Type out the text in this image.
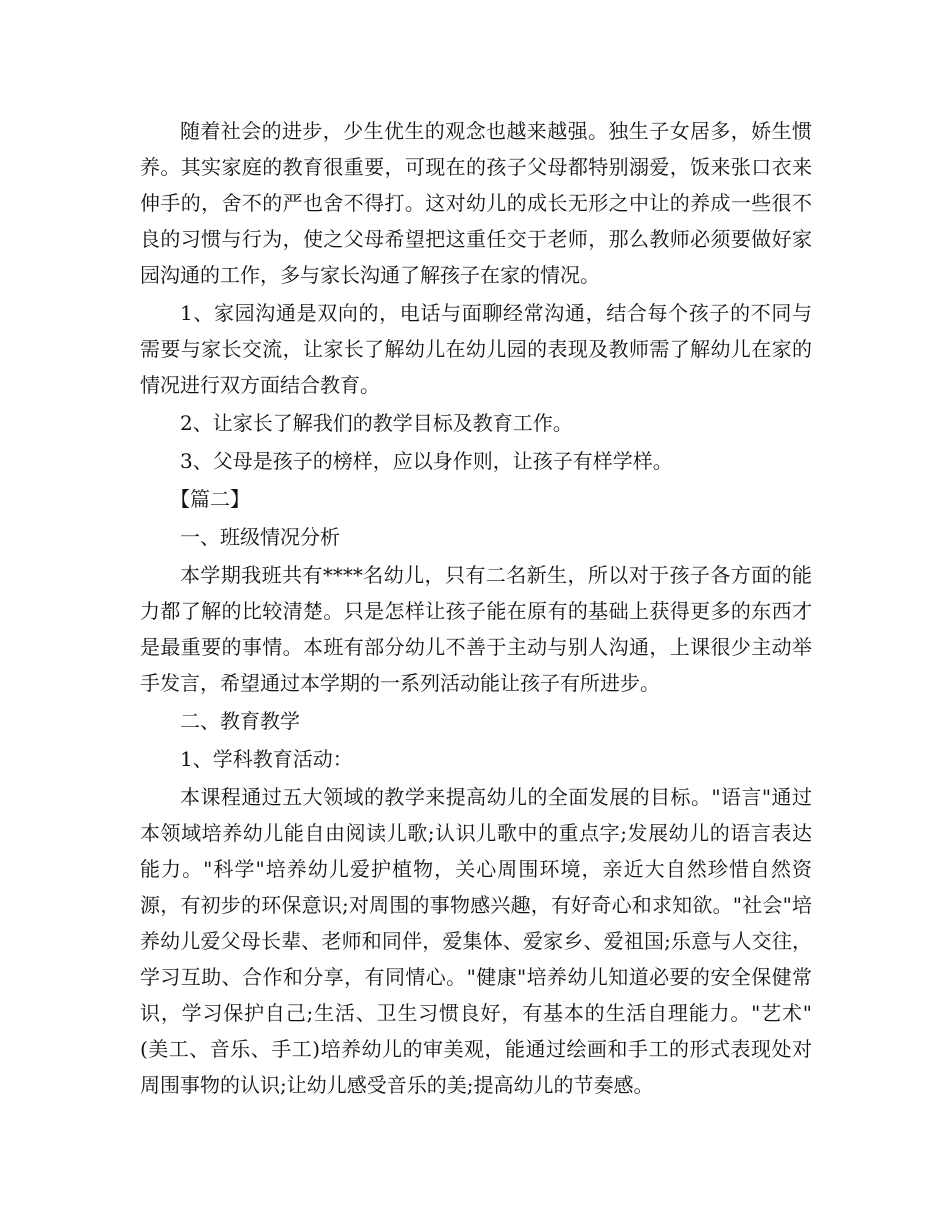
随着社会的进步，少生优生的观念也越来越强。独生子女居多，娇生惯养。其实家庭的教育很重要，可现在的孩子父母都特别溺爱，饭来张口衣来伸手的，舍不的严也舍不得打。这对幼儿的成长无形之中让的养成一些很不良的习惯与行为，使之父母希望把这重任交于老师，那么教师必须要做好家园沟通的工作，多与家长沟通了解孩子在家的情况。

1、家园沟通是双向的，电话与面聊经常沟通，结合每个孩子的不同与需要与家长交流，让家长了解幼儿在幼儿园的表现及教师需了解幼儿在家的情况进行双方面结合教育。

2、让家长了解我们的教学目标及教育工作。

3、父母是孩子的榜样，应以身作则，让孩子有样学样。

【篇二】

一、班级情况分析

本学期我班共有****名幼儿，只有二名新生，所以对于孩子各方面的能力都了解的比较清楚。只是怎样让孩子能在原有的基础上获得更多的东西才是最重要的事情。本班有部分幼儿不善于主动与别人沟通，上课很少主动举手发言，希望通过本学期的一系列活动能让孩子有所进步。

二、教育教学

1、学科教育活动：

本课程通过五大领域的教学来提高幼儿的全面发展的目标。"语言"通过本领域培养幼儿能自由阅读儿歌;认识儿歌中的重点字;发展幼儿的语言表达能力。"科学"培养幼儿爱护植物，关心周围环境，亲近大自然珍惜自然资源，有初步的环保意识;对周围的事物感兴趣，有好奇心和求知欲。"社会"培养幼儿爱父母长辈、老师和同伴，爱集体、爱家乡、爱祖国;乐意与人交往，学习互助、合作和分享，有同情心。"健康"培养幼儿知道必要的安全保健常识，学习保护自己;生活、卫生习惯良好，有基本的生活自理能力。"艺术"(美工、音乐、手工)培养幼儿的审美观，能通过绘画和手工的形式表现处对周围事物的认识;让幼儿感受音乐的美;提高幼儿的节奏感。
